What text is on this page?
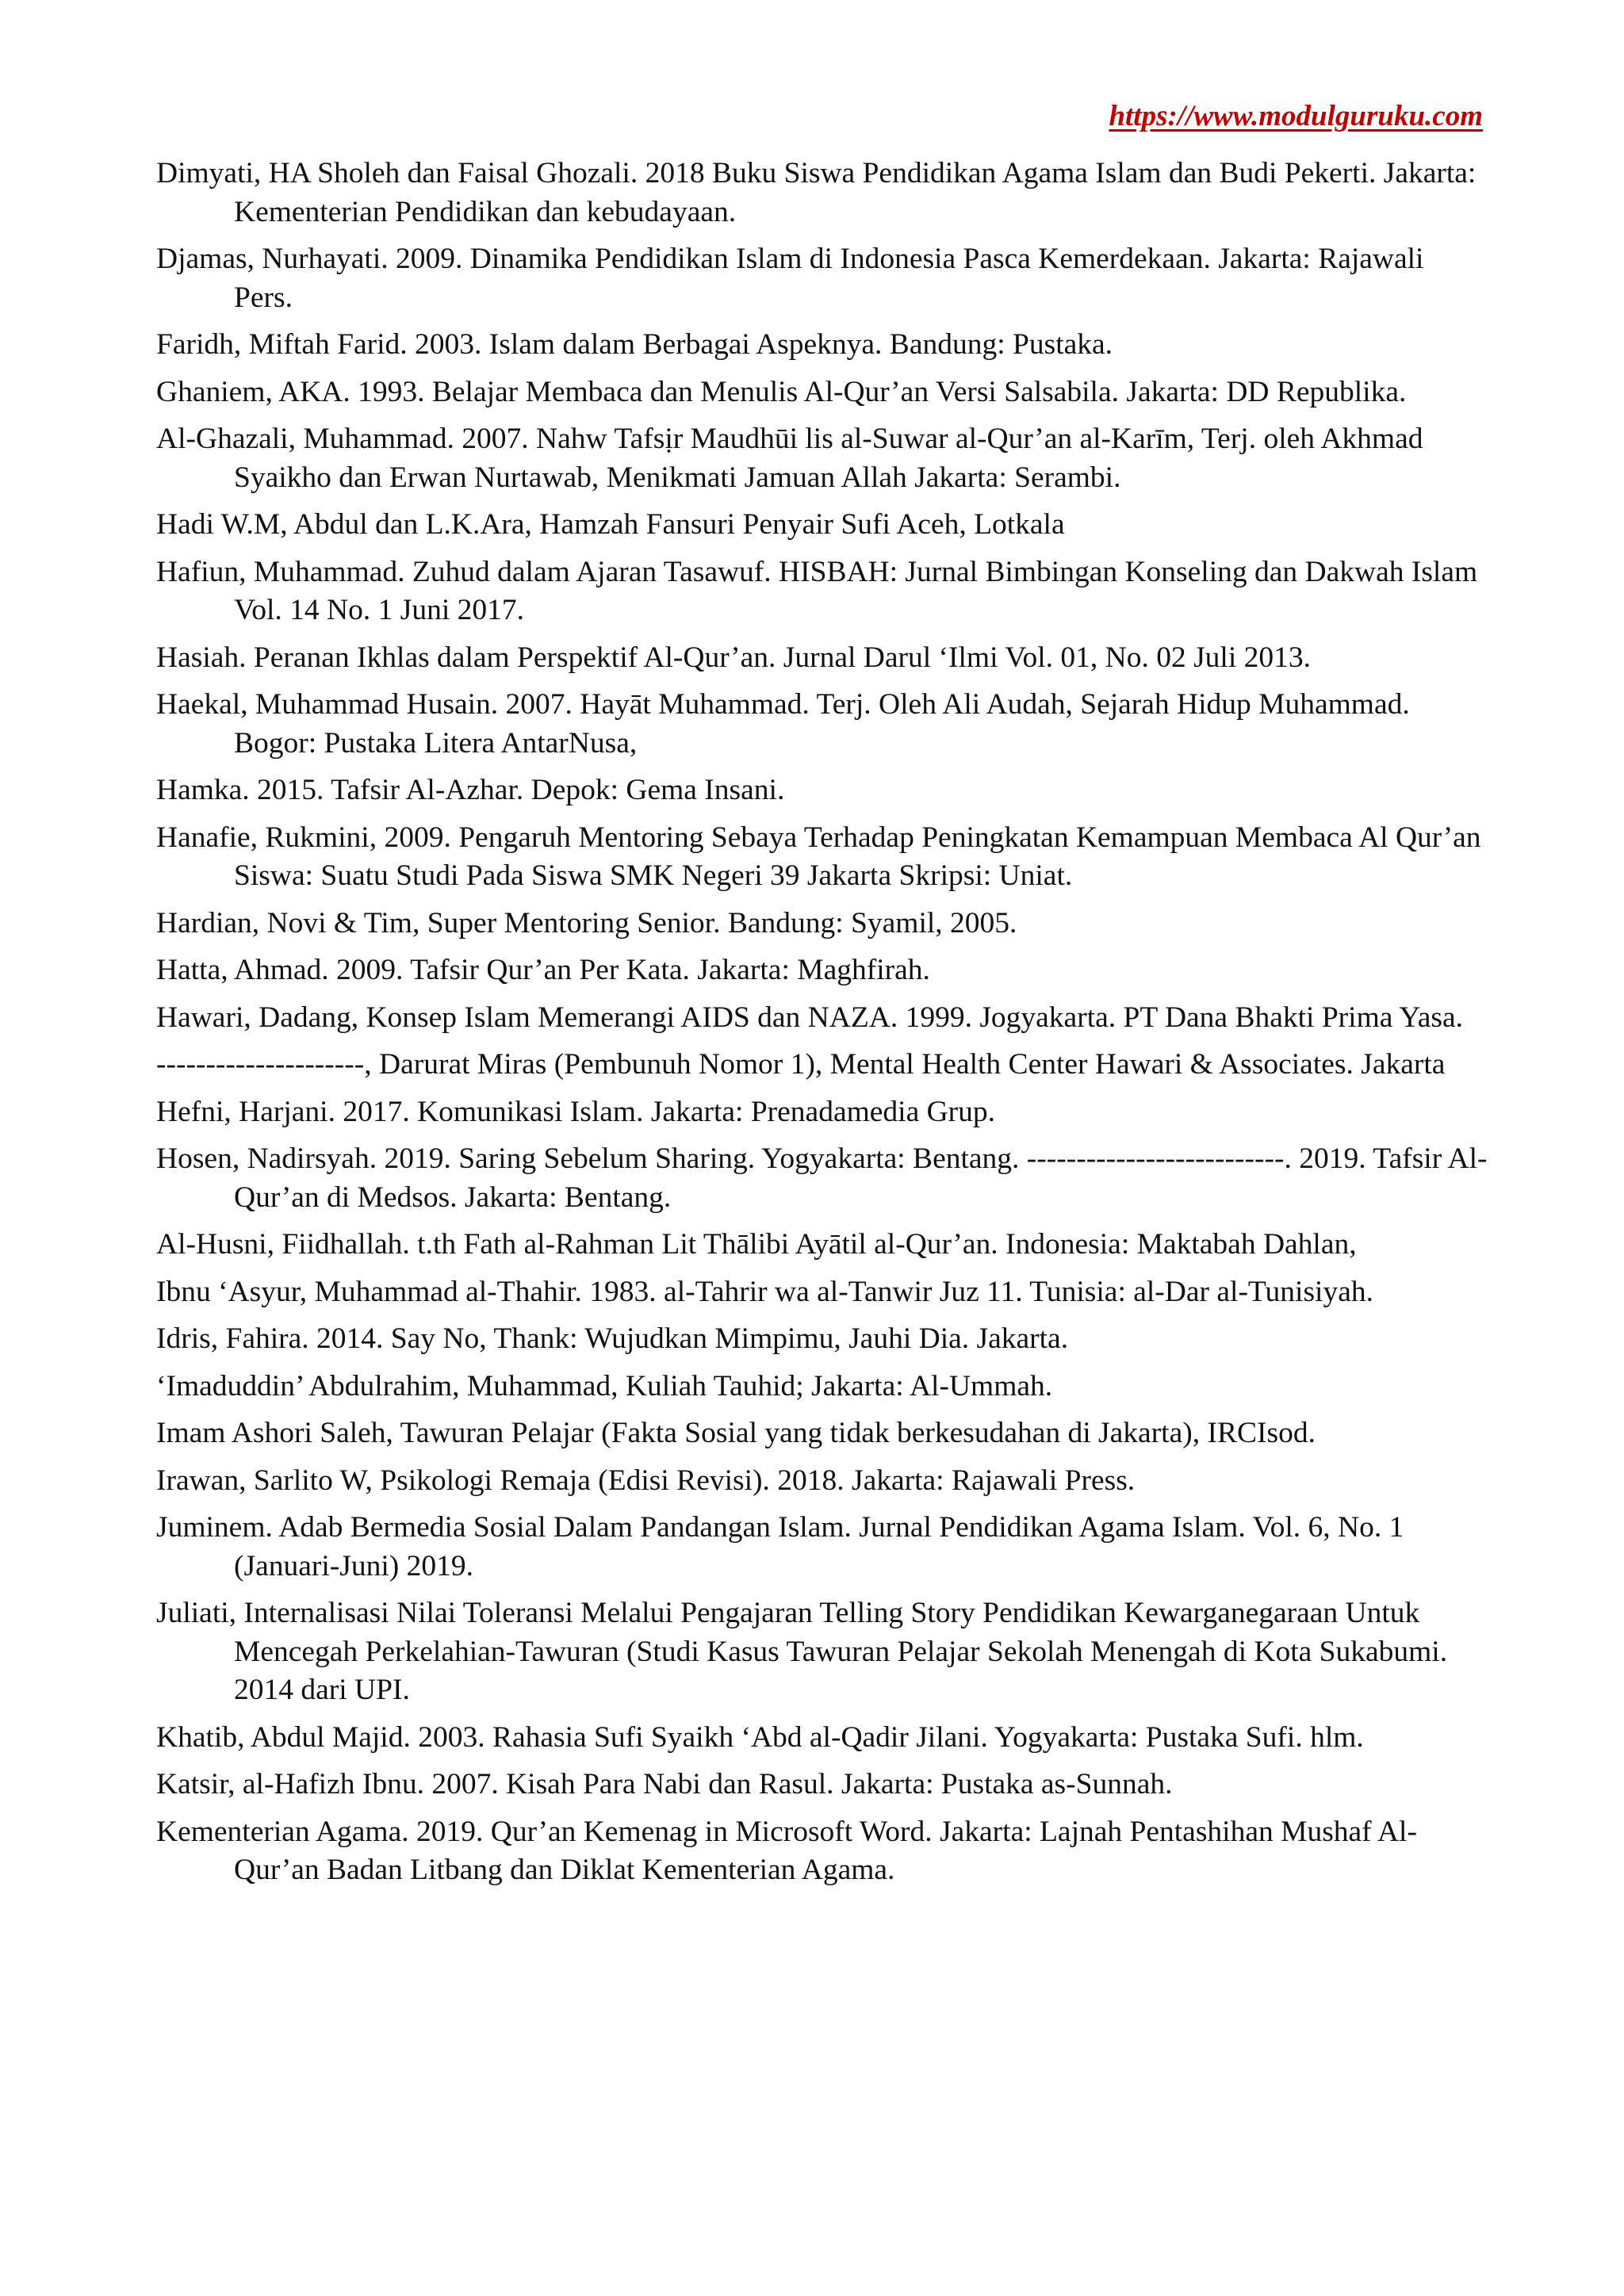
https://www.modulguruku.com
Dimyati, HA Sholeh dan Faisal Ghozali. 2018 Buku Siswa Pendidikan Agama Islam dan Budi Pekerti. Jakarta: Kementerian Pendidikan dan kebudayaan.
Djamas, Nurhayati. 2009. Dinamika Pendidikan Islam di Indonesia Pasca Kemerdekaan. Jakarta: Rajawali Pers.
Faridh, Miftah Farid. 2003. Islam dalam Berbagai Aspeknya. Bandung: Pustaka.
Ghaniem, AKA. 1993. Belajar Membaca dan Menulis Al-Qur’an Versi Salsabila. Jakarta: DD Republika.
Al-Ghazali, Muhammad. 2007. Nahw Tafsịr Maudhūi lis al-Suwar al-Qur’an al-Karīm, Terj. oleh Akhmad Syaikho dan Erwan Nurtawab, Menikmati Jamuan Allah Jakarta: Serambi.
Hadi W.M, Abdul dan L.K.Ara, Hamzah Fansuri Penyair Sufi Aceh, Lotkala
Hafiun, Muhammad. Zuhud dalam Ajaran Tasawuf. HISBAH: Jurnal Bimbingan Konseling dan Dakwah Islam Vol. 14 No. 1 Juni 2017.
Hasiah. Peranan Ikhlas dalam Perspektif Al-Qur’an. Jurnal Darul ‘Ilmi Vol. 01, No. 02 Juli 2013.
Haekal, Muhammad Husain. 2007. Hayāt Muhammad. Terj. Oleh Ali Audah, Sejarah Hidup Muhammad. Bogor: Pustaka Litera AntarNusa,
Hamka. 2015. Tafsir Al-Azhar. Depok: Gema Insani.
Hanafie, Rukmini, 2009. Pengaruh Mentoring Sebaya Terhadap Peningkatan Kemampuan Membaca Al Qur’an Siswa: Suatu Studi Pada Siswa SMK Negeri 39 Jakarta Skripsi: Uniat.
Hardian, Novi & Tim, Super Mentoring Senior. Bandung: Syamil, 2005.
Hatta, Ahmad. 2009. Tafsir Qur’an Per Kata. Jakarta: Maghfirah.
Hawari, Dadang, Konsep Islam Memerangi AIDS dan NAZA. 1999. Jogyakarta. PT Dana Bhakti Prima Yasa.
---------------------, Darurat Miras (Pembunuh Nomor 1), Mental Health Center Hawari & Associates. Jakarta
Hefni, Harjani. 2017. Komunikasi Islam. Jakarta: Prenadamedia Grup.
Hosen, Nadirsyah. 2019. Saring Sebelum Sharing. Yogyakarta: Bentang. --------------------------. 2019. Tafsir Al-Qur’an di Medsos. Jakarta: Bentang.
Al-Husni, Fiidhallah. t.th Fath al-Rahman Lit Thālibi Ayātil al-Qur’an. Indonesia: Maktabah Dahlan,
Ibnu ‘Asyur, Muhammad al-Thahir. 1983. al-Tahrir wa al-Tanwir Juz 11. Tunisia: al-Dar al-Tunisiyah.
Idris, Fahira. 2014. Say No, Thank: Wujudkan Mimpimu, Jauhi Dia. Jakarta.
‘Imaduddin’ Abdulrahim, Muhammad, Kuliah Tauhid; Jakarta: Al-Ummah.
Imam Ashori Saleh, Tawuran Pelajar (Fakta Sosial yang tidak berkesudahan di Jakarta), IRCIsod.
Irawan, Sarlito W, Psikologi Remaja (Edisi Revisi). 2018. Jakarta: Rajawali Press.
Juminem. Adab Bermedia Sosial Dalam Pandangan Islam. Jurnal Pendidikan Agama Islam. Vol. 6, No. 1 (Januari-Juni) 2019.
Juliati, Internalisasi Nilai Toleransi Melalui Pengajaran Telling Story Pendidikan Kewarganegaraan Untuk Mencegah Perkelahian-Tawuran (Studi Kasus Tawuran Pelajar Sekolah Menengah di Kota Sukabumi. 2014 dari UPI.
Khatib, Abdul Majid. 2003. Rahasia Sufi Syaikh ‘Abd al-Qadir Jilani. Yogyakarta: Pustaka Sufi. hlm.
Katsir, al-Hafizh Ibnu. 2007. Kisah Para Nabi dan Rasul. Jakarta: Pustaka as-Sunnah.
Kementerian Agama. 2019. Qur’an Kemenag in Microsoft Word. Jakarta: Lajnah Pentashihan Mushaf Al-Qur’an Badan Litbang dan Diklat Kementerian Agama.
